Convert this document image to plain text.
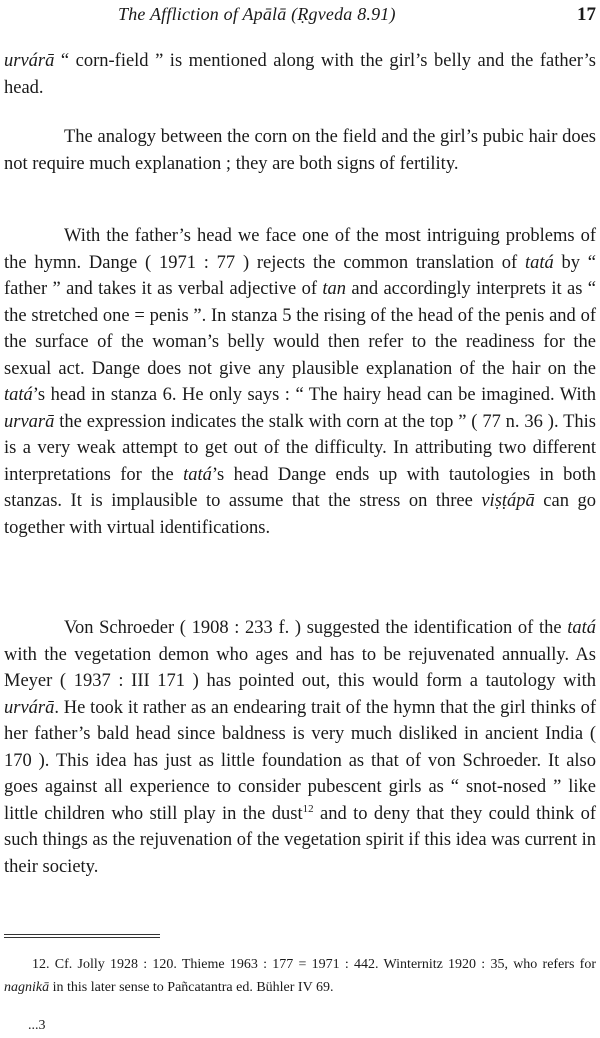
The Affliction of Apālā (Ṛgveda 8.91)	17

urvárā “ corn-field ” is mentioned along with the girl’s belly and the father’s head.

The analogy between the corn on the field and the girl’s pubic hair does not require much explanation ; they are both signs of fertility.

With the father’s head we face one of the most intriguing problems of the hymn. Dange ( 1971 : 77 ) rejects the common translation of tatá by “ father ” and takes it as verbal adjective of tan and accordingly interprets it as “ the stretched one = penis ”. In stanza 5 the rising of the head of the penis and of the surface of the woman’s belly would then refer to the readiness for the sexual act. Dange does not give any plausible explanation of the hair on the tatá’s head in stanza 6. He only says : “ The hairy head can be imagined. With urvarā the expression indicates the stalk with corn at the top ” ( 77 n. 36 ). This is a very weak attempt to get out of the difficulty. In attributing two different interpretations for the tatá’s head Dange ends up with tautologies in both stanzas. It is implausible to assume that the stress on three viṣṭápā can go together with virtual identifications.

Von Schroeder ( 1908 : 233 f. ) suggested the identification of the tatá with the vegetation demon who ages and has to be rejuvenated annually. As Meyer ( 1937 : III 171 ) has pointed out, this would form a tautology with urvárā. He took it rather as an endearing trait of the hymn that the girl thinks of her father’s bald head since baldness is very much disliked in ancient India ( 170 ). This idea has just as little foundation as that of von Schroeder. It also goes against all experience to consider pubescent girls as “ snot-nosed ” like little children who still play in the dust$^{12}$ and to deny that they could think of such things as the rejuvenation of the vegetation spirit if this idea was current in their society.

12. Cf. Jolly 1928 : 120. Thieme 1963 : 177 = 1971 : 442. Winternitz 1920 : 35, who refers for nagnikā in this later sense to Pañcatantra ed. Bühler IV 69.

...3
